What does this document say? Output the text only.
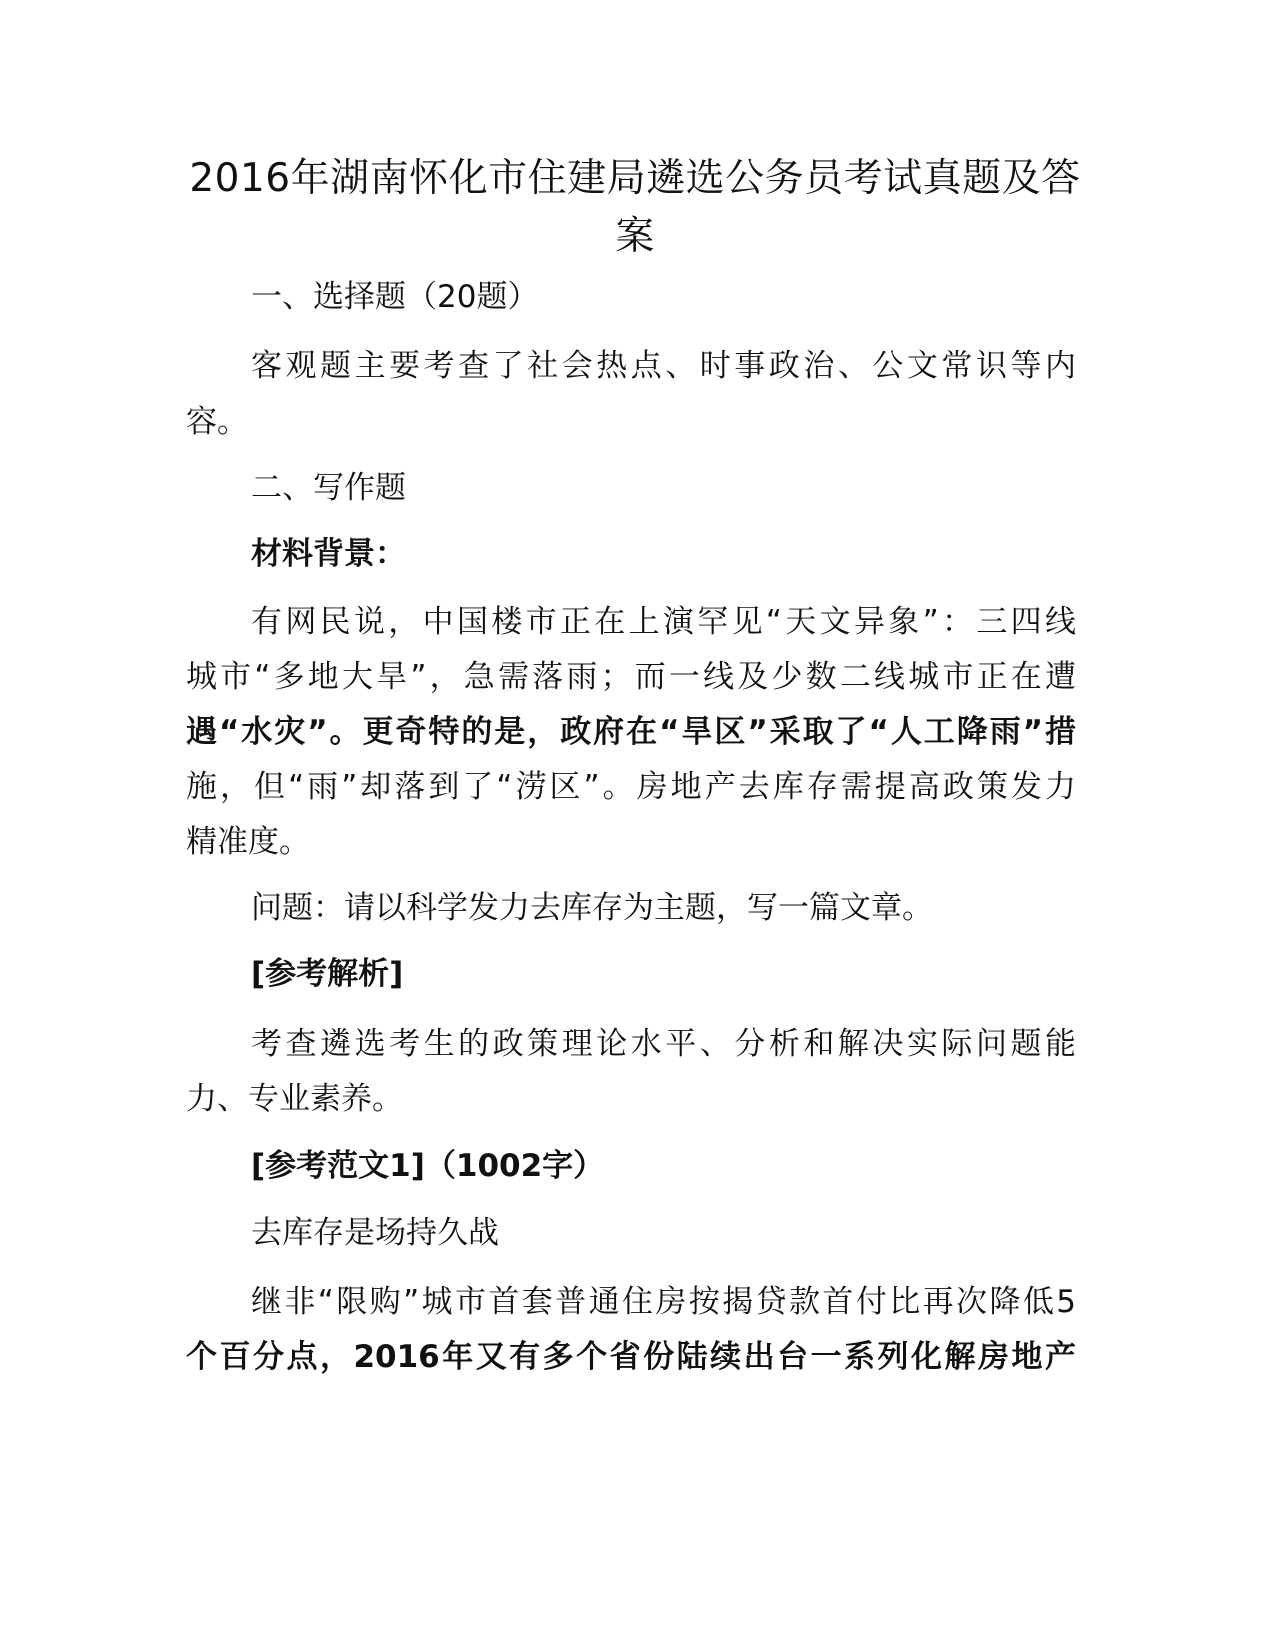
2016年湖南怀化市住建局遴选公务员考试真题及答案

一、选择题（20题）

客观题主要考查了社会热点、时事政治、公文常识等内

容。

二、写作题

材料背景：

有网民说，中国楼市正在上演罕见“天文异象”：三四线

城市“多地大旱”，急需落雨；而一线及少数二线城市正在遭

遇“水灾”。更奇特的是，政府在“旱区”采取了“人工降雨”措

施，但“雨”却落到了“涝区”。房地产去库存需提高政策发力

精准度。

问题：请以科学发力去库存为主题，写一篇文章。

[参考解析]

考查遴选考生的政策理论水平、分析和解决实际问题能

力、专业素养。

[参考范文1]（1002字）

去库存是场持久战

继非“限购”城市首套普通住房按揭贷款首付比再次降低5

个百分点，2016年又有多个省份陆续出台一系列化解房地产
